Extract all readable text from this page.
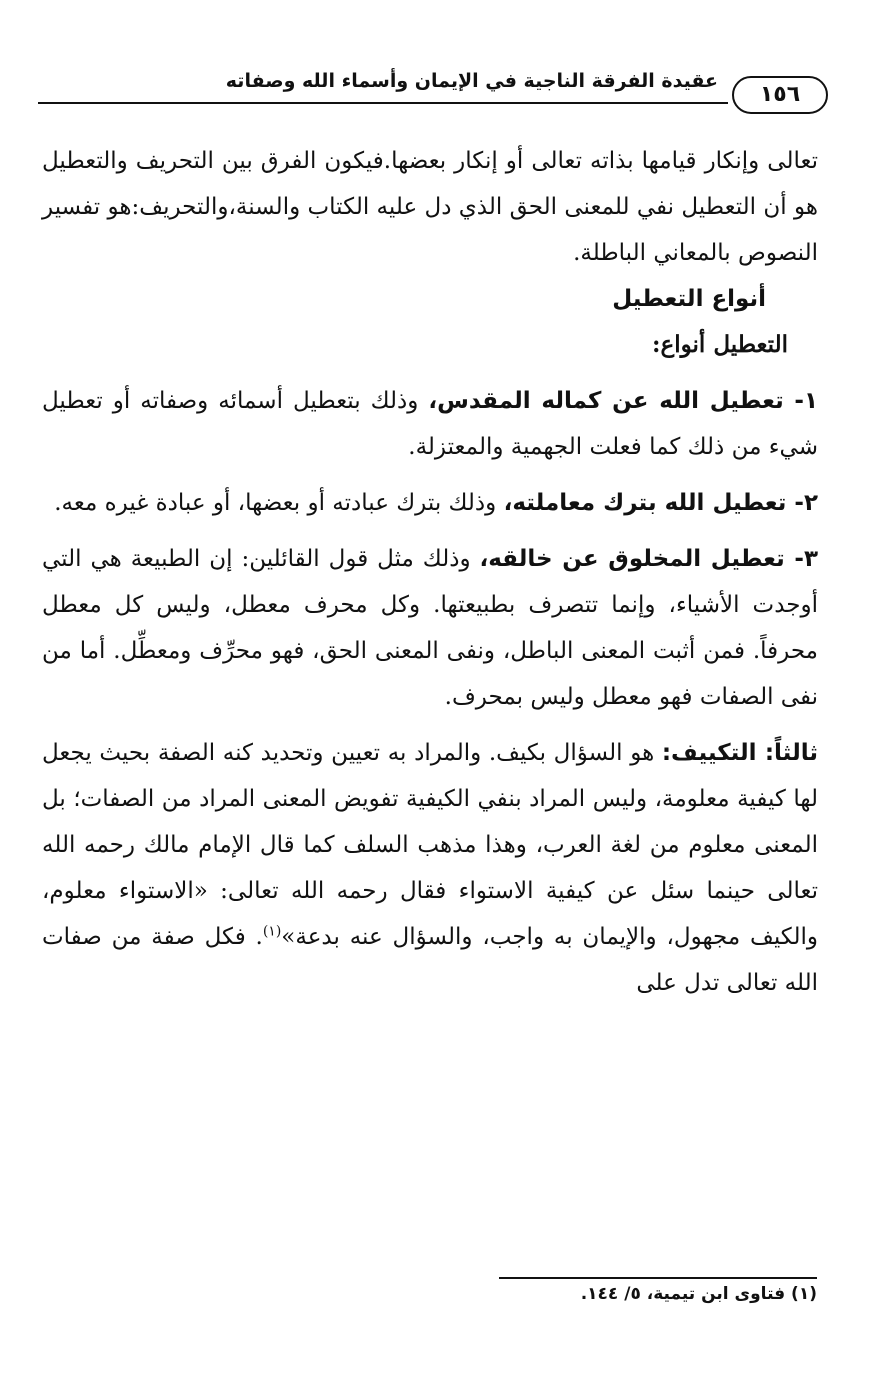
عقيدة الفرقة الناجية في الإيمان وأسماء الله وصفاته
١٥٦

تعالى وإنكار قيامها بذاته تعالى أو إنكار بعضها.فيكون الفرق بين التحريف والتعطيل هو أن التعطيل نفي للمعنى الحق الذي دل عليه الكتاب والسنة،والتحريف:هو تفسير النصوص بالمعاني الباطلة.

أنواع التعطيل

التعطيل أنواع:

١- تعطيل الله عن كماله المقدس، وذلك بتعطيل أسمائه وصفاته أو تعطيل شيء من ذلك كما فعلت الجهمية والمعتزلة.

٢- تعطيل الله بترك معاملته، وذلك بترك عبادته أو بعضها، أو عبادة غيره معه.

٣- تعطيل المخلوق عن خالقه، وذلك مثل قول القائلين: إن الطبيعة هي التي أوجدت الأشياء، وإنما تتصرف بطبيعتها. وكل محرف معطل، وليس كل معطل محرفاً. فمن أثبت المعنى الباطل، ونفى المعنى الحق، فهو محرِّف ومعطِّل. أما من نفى الصفات فهو معطل وليس بمحرف.

ثالثاً: التكييف: هو السؤال بكيف. والمراد به تعيين وتحديد كنه الصفة بحيث يجعل لها كيفية معلومة، وليس المراد بنفي الكيفية تفويض المعنى المراد من الصفات؛ بل المعنى معلوم من لغة العرب، وهذا مذهب السلف كما قال الإمام مالك رحمه الله تعالى حينما سئل عن كيفية الاستواء فقال رحمه الله تعالى: «الاستواء معلوم، والكيف مجهول، والإيمان به واجب، والسؤال عنه بدعة»$^{(١)}$. فكل صفة من صفات الله تعالى تدل على

(١) فتاوى ابن تيمية، ٥/ ١٤٤.
